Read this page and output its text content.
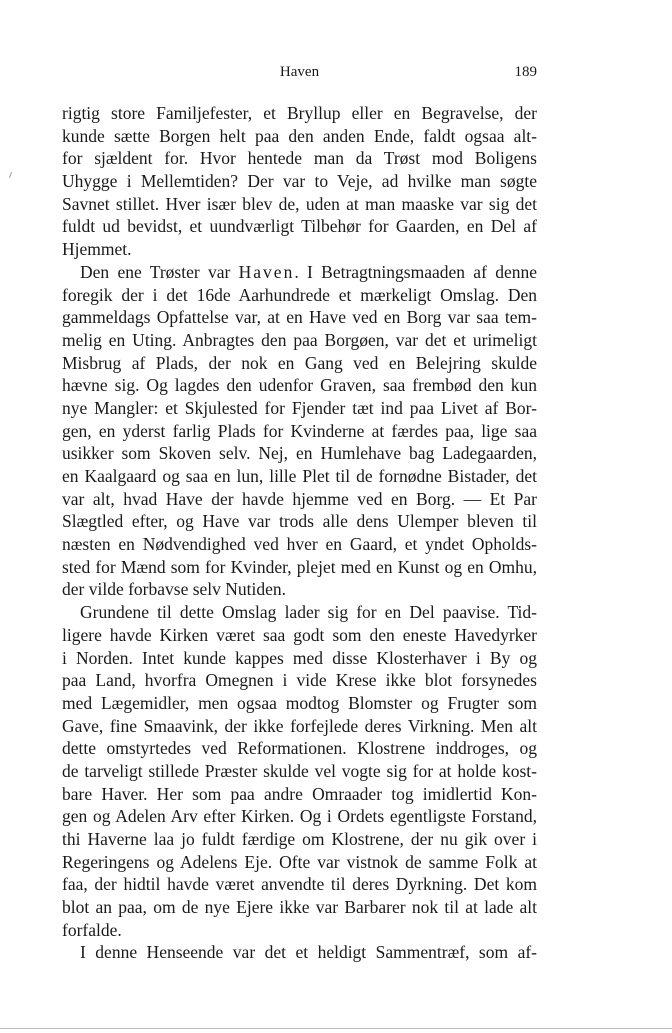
Haven	189
rigtig store Familjefester, et Bryllup eller en Begravelse, der
kunde sætte Borgen helt paa den anden Ende, faldt ogsaa alt-
for sjældent for. Hvor hentede man da Trøst mod Boligens
Uhygge i Mellemtiden? Der var to Veje, ad hvilke man søgte
Savnet stillet. Hver især blev de, uden at man maaske var sig det
fuldt ud bevidst, et uundværligt Tilbehør for Gaarden, en Del af
Hjemmet.
Den ene Trøster var Haven. I Betragtningsmaaden af denne
foregik der i det 16de Aarhundrede et mærkeligt Omslag. Den
gammeldags Opfattelse var, at en Have ved en Borg var saa tem-
melig en Uting. Anbragtes den paa Borgøen, var det et urimeligt
Misbrug af Plads, der nok en Gang ved en Belejring skulde
hævne sig. Og lagdes den udenfor Graven, saa frembød den kun
nye Mangler: et Skjulested for Fjender tæt ind paa Livet af Bor-
gen, en yderst farlig Plads for Kvinderne at færdes paa, lige saa
usikker som Skoven selv. Nej, en Humlehave bag Ladegaarden,
en Kaalgaard og saa en lun, lille Plet til de fornødne Bistader, det
var alt, hvad Have der havde hjemme ved en Borg. — Et Par
Slægtled efter, og Have var trods alle dens Ulemper bleven til
næsten en Nødvendighed ved hver en Gaard, et yndet Opholds-
sted for Mænd som for Kvinder, plejet med en Kunst og en Omhu,
der vilde forbavse selv Nutiden.
Grundene til dette Omslag lader sig for en Del paavise. Tid-
ligere havde Kirken været saa godt som den eneste Havedyrker
i Norden. Intet kunde kappes med disse Klosterhaver i By og
paa Land, hvorfra Omegnen i vide Krese ikke blot forsynedes
med Lægemidler, men ogsaa modtog Blomster og Frugter som
Gave, fine Smaavink, der ikke forfejlede deres Virkning. Men alt
dette omstyrtedes ved Reformationen. Klostrene inddroges, og
de tarveligt stillede Præster skulde vel vogte sig for at holde kost-
bare Haver. Her som paa andre Omraader tog imidlertid Kon-
gen og Adelen Arv efter Kirken. Og i Ordets egentligste Forstand,
thi Haverne laa jo fuldt færdige om Klostrene, der nu gik over i
Regeringens og Adelens Eje. Ofte var vistnok de samme Folk at
faa, der hidtil havde været anvendte til deres Dyrkning. Det kom
blot an paa, om de nye Ejere ikke var Barbarer nok til at lade alt
forfalde.
I denne Henseende var det et heldigt Sammentræf, som af-
